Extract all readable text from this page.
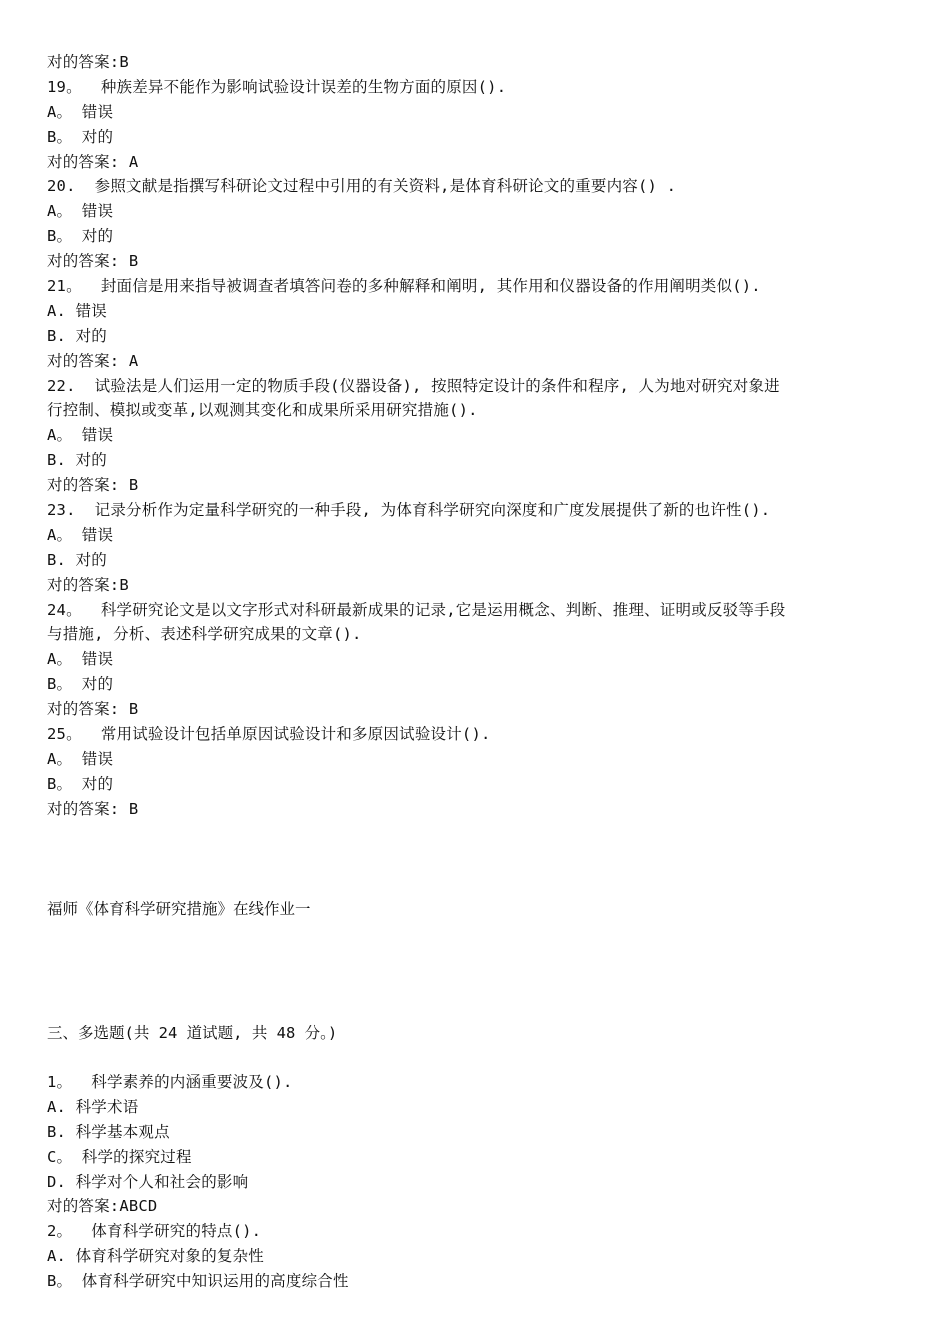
对的答案:B
19。  种族差异不能作为影响试验设计误差的生物方面的原因().
A。 错误
B。 对的
对的答案: A
20.  参照文献是指撰写科研论文过程中引用的有关资料,是体育科研论文的重要内容() .
A。 错误
B。 对的
对的答案: B
21。  封面信是用来指导被调查者填答问卷的多种解释和阐明, 其作用和仪器设备的作用阐明类似().
A. 错误
B. 对的
对的答案: A
22.  试验法是人们运用一定的物质手段(仪器设备), 按照特定设计的条件和程序, 人为地对研究对象进
行控制、模拟或变革,以观测其变化和成果所采用研究措施().
A。 错误
B. 对的
对的答案: B
23.  记录分析作为定量科学研究的一种手段, 为体育科学研究向深度和广度发展提供了新的也许性().
A。 错误
B. 对的
对的答案:B
24。  科学研究论文是以文字形式对科研最新成果的记录,它是运用概念、判断、推理、证明或反驳等手段
与措施, 分析、表述科学研究成果的文章().
A。 错误
B。 对的
对的答案: B
25。  常用试验设计包括单原因试验设计和多原因试验设计().
A。 错误
B。 对的
对的答案: B
福师《体育科学研究措施》在线作业一
三、多选题(共 24 道试题, 共 48 分。)
1。  科学素养的内涵重要波及().
A. 科学术语
B. 科学基本观点
C。 科学的探究过程
D. 科学对个人和社会的影响
对的答案:ABCD
2。  体育科学研究的特点().
A. 体育科学研究对象的复杂性
B。 体育科学研究中知识运用的高度综合性
